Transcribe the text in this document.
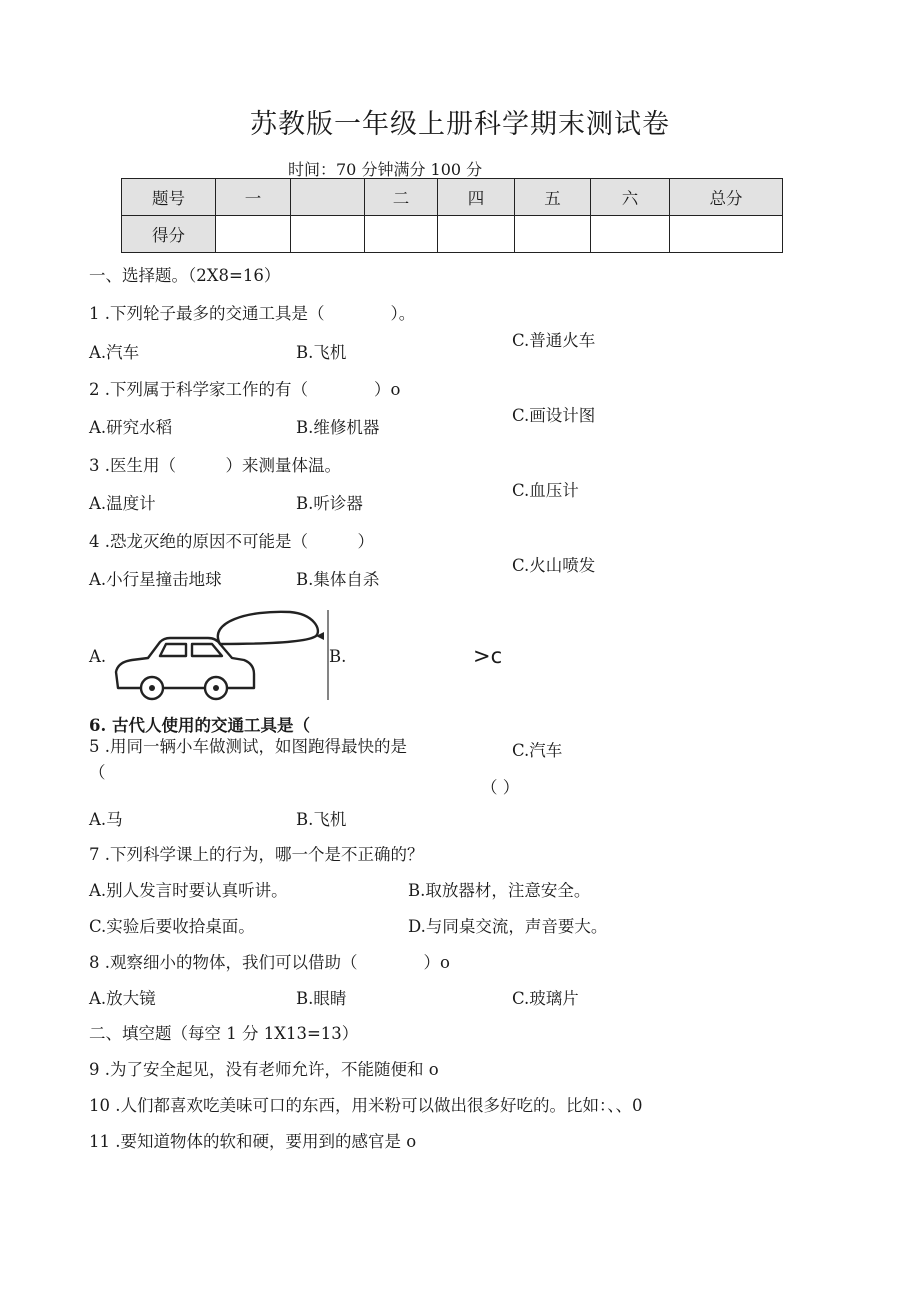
苏教版一年级上册科学期末测试卷
时间：70 分钟满分 100 分
题号	一		二	四	五	六	总分
得分							
一、选择题。（2X8=16）
1 .下列轮子最多的交通工具是（　　　　）。
A.汽车	B.飞机
C.普通火车
2 .下列属于科学家工作的有（　　　　）o
A.研究水稻	B.维修机器
C.画设计图
3 .医生用（　　　）来测量体温。
A.温度计	B.听诊器
C.血压计
4 .恐龙灭绝的原因不可能是（　　　）
A.小行星撞击地球	B.集体自杀
C.火山喷发
A.	B.	>c
6. 古代人使用的交通工具是（
5 .用同一辆小车做测试，如图跑得最快的是	C.汽车
（
（ ）
A.马	B.飞机
7 .下列科学课上的行为，哪一个是不正确的？
A.别人发言时要认真听讲。	B.取放器材，注意安全。
C.实验后要收拾桌面。	D.与同桌交流，声音要大。
8 .观察细小的物体，我们可以借助（　　　　）o
A.放大镜	B.眼睛	C.玻璃片
二、填空题（每空 1 分 1X13=13）
9 .为了安全起见，没有老师允许，不能随便和 o
10 .人们都喜欢吃美味可口的东西，用米粉可以做出很多好吃的。比如：、、0
11 .要知道物体的软和硬，要用到的感官是 o
